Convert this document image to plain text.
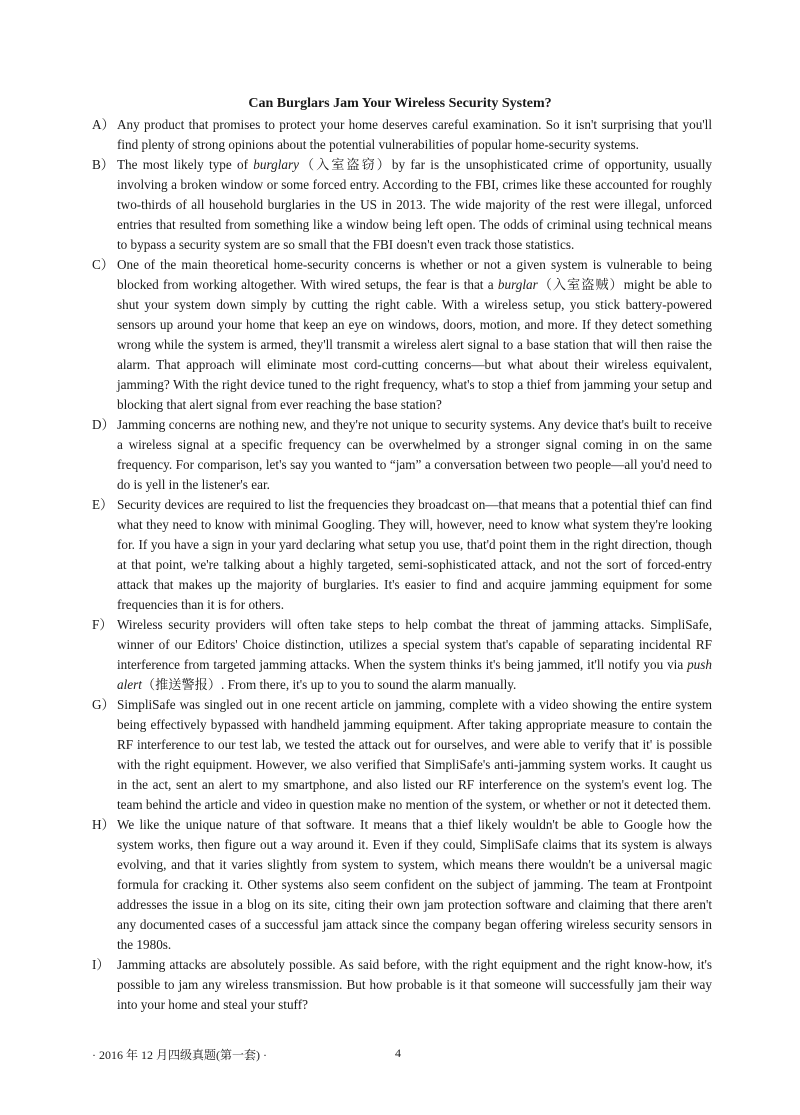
Can Burglars Jam Your Wireless Security System?
A） Any product that promises to protect your home deserves careful examination. So it isn't surprising that you'll find plenty of strong opinions about the potential vulnerabilities of popular home-security systems.
B） The most likely type of burglary（入室盗窃）by far is the unsophisticated crime of opportunity, usually involving a broken window or some forced entry. According to the FBI, crimes like these accounted for roughly two-thirds of all household burglaries in the US in 2013. The wide majority of the rest were illegal, unforced entries that resulted from something like a window being left open. The odds of criminal using technical means to bypass a security system are so small that the FBI doesn't even track those statistics.
C） One of the main theoretical home-security concerns is whether or not a given system is vulnerable to being blocked from working altogether. With wired setups, the fear is that a burglar（入室盗贼）might be able to shut your system down simply by cutting the right cable. With a wireless setup, you stick battery-powered sensors up around your home that keep an eye on windows, doors, motion, and more. If they detect something wrong while the system is armed, they'll transmit a wireless alert signal to a base station that will then raise the alarm. That approach will eliminate most cord-cutting concerns—but what about their wireless equivalent, jamming? With the right device tuned to the right frequency, what's to stop a thief from jamming your setup and blocking that alert signal from ever reaching the base station?
D） Jamming concerns are nothing new, and they're not unique to security systems. Any device that's built to receive a wireless signal at a specific frequency can be overwhelmed by a stronger signal coming in on the same frequency. For comparison, let's say you wanted to “jam” a conversation between two people—all you'd need to do is yell in the listener's ear.
E） Security devices are required to list the frequencies they broadcast on—that means that a potential thief can find what they need to know with minimal Googling. They will, however, need to know what system they're looking for. If you have a sign in your yard declaring what setup you use, that'd point them in the right direction, though at that point, we're talking about a highly targeted, semi-sophisticated attack, and not the sort of forced-entry attack that makes up the majority of burglaries. It's easier to find and acquire jamming equipment for some frequencies than it is for others.
F） Wireless security providers will often take steps to help combat the threat of jamming attacks. SimpliSafe, winner of our Editors' Choice distinction, utilizes a special system that's capable of separating incidental RF interference from targeted jamming attacks. When the system thinks it's being jammed, it'll notify you via push alert（推送警报）. From there, it's up to you to sound the alarm manually.
G） SimpliSafe was singled out in one recent article on jamming, complete with a video showing the entire system being effectively bypassed with handheld jamming equipment. After taking appropriate measure to contain the RF interference to our test lab, we tested the attack out for ourselves, and were able to verify that it' is possible with the right equipment. However, we also verified that SimpliSafe's anti-jamming system works. It caught us in the act, sent an alert to my smartphone, and also listed our RF interference on the system's event log. The team behind the article and video in question make no mention of the system, or whether or not it detected them.
H） We like the unique nature of that software. It means that a thief likely wouldn't be able to Google how the system works, then figure out a way around it. Even if they could, SimpliSafe claims that its system is always evolving, and that it varies slightly from system to system, which means there wouldn't be a universal magic formula for cracking it. Other systems also seem confident on the subject of jamming. The team at Frontpoint addresses the issue in a blog on its site, citing their own jam protection software and claiming that there aren't any documented cases of a successful jam attack since the company began offering wireless security sensors in the 1980s.
I） Jamming attacks are absolutely possible. As said before, with the right equipment and the right know-how, it's possible to jam any wireless transmission. But how probable is it that someone will successfully jam their way into your home and steal your stuff?
· 2016 年 12 月四级真题(第一套) ·	4
